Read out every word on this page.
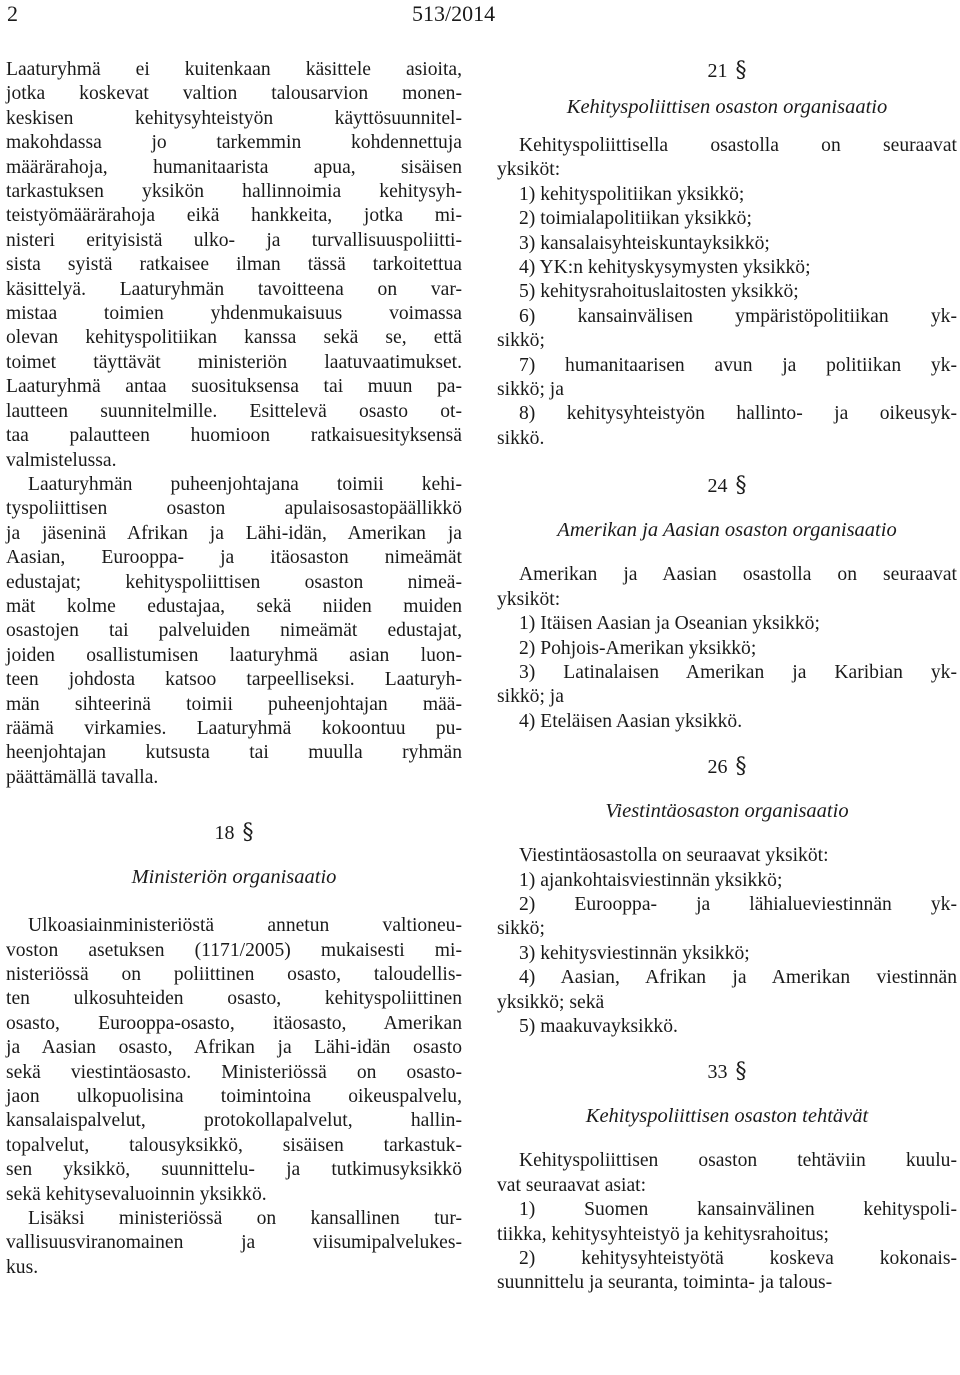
2	513/2014
Laaturyhmä ei kuitenkaan käsittele asioita,
jotka koskevat valtion talousarvion monen-
keskisen kehitysyhteistyön käyttösuunnitel-
makohdassa jo tarkemmin kohdennettuja
määrärahoja, humanitaarista apua, sisäisen
tarkastuksen yksikön hallinnoimia kehitysyh-
teistyömäärärahoja eikä hankkeita, jotka mi-
nisteri erityisistä ulko- ja turvallisuuspoliitti-
sista syistä ratkaisee ilman tässä tarkoitettua
käsittelyä. Laaturyhmän tavoitteena on var-
mistaa toimien yhdenmukaisuus voimassa
olevan kehityspolitiikan kanssa sekä se, että
toimet täyttävät ministeriön laatuvaatimukset.
Laaturyhmä antaa suosituksensa tai muun pa-
lautteen suunnitelmille. Esittelevä osasto ot-
taa palautteen huomioon ratkaisuesityksensä
valmistelussa.
Laaturyhmän puheenjohtajana toimii kehi-
tyspoliittisen osaston apulaisosastopäällikkö
ja jäseninä Afrikan ja Lähi-idän, Amerikan ja
Aasian, Eurooppa- ja itäosaston nimeämät
edustajat; kehityspoliittisen osaston nimeä-
mät kolme edustajaa, sekä niiden muiden
osastojen tai palveluiden nimeämät edustajat,
joiden osallistumisen laaturyhmä asian luon-
teen johdosta katsoo tarpeelliseksi. Laaturyh-
män sihteerinä toimii puheenjohtajan mää-
räämä virkamies. Laaturyhmä kokoontuu pu-
heenjohtajan kutsusta tai muulla ryhmän
päättämällä tavalla.
18 §
Ministeriön organisaatio
Ulkoasiainministeriöstä annetun valtioneu-
voston asetuksen (1171/2005) mukaisesti mi-
nisteriössä on poliittinen osasto, taloudellis-
ten ulkosuhteiden osasto, kehityspoliittinen
osasto, Eurooppa-osasto, itäosasto, Amerikan
ja Aasian osasto, Afrikan ja Lähi-idän osasto
sekä viestintäosasto. Ministeriössä on osasto-
jaon ulkopuolisina toimintoina oikeuspalvelu,
kansalaispalvelut, protokollapalvelut, hallin-
topalvelut, talousyksikkö, sisäisen tarkastuk-
sen yksikkö, suunnittelu- ja tutkimusyksikkö
sekä kehitysevaluoinnin yksikkö.
Lisäksi ministeriössä on kansallinen tur-
vallisuusviranomainen ja viisumipalvelukes-
kus.
21 §
Kehityspoliittisen osaston organisaatio
Kehityspoliittisella osastolla on seuraavat
yksiköt:
1) kehityspolitiikan yksikkö;
2) toimialapolitiikan yksikkö;
3) kansalaisyhteiskuntayksikkö;
4) YK:n kehityskysymysten yksikkö;
5) kehitysrahoituslaitosten yksikkö;
6) kansainvälisen ympäristöpolitiikan yk-
sikkö;
7) humanitaarisen avun ja politiikan yk-
sikkö; ja
8) kehitysyhteistyön hallinto- ja oikeusyk-
sikkö.
24 §
Amerikan ja Aasian osaston organisaatio
Amerikan ja Aasian osastolla on seuraavat
yksiköt:
1) Itäisen Aasian ja Oseanian yksikkö;
2) Pohjois-Amerikan yksikkö;
3) Latinalaisen Amerikan ja Karibian yk-
sikkö; ja
4) Eteläisen Aasian yksikkö.
26 §
Viestintäosaston organisaatio
Viestintäosastolla on seuraavat yksiköt:
1) ajankohtaisviestinnän yksikkö;
2) Eurooppa- ja lähialueviestinnän yk-
sikkö;
3) kehitysviestinnän yksikkö;
4) Aasian, Afrikan ja Amerikan viestinnän
yksikkö; sekä
5) maakuvayksikkö.
33 §
Kehityspoliittisen osaston tehtävät
Kehityspoliittisen osaston tehtäviin kuulu-
vat seuraavat asiat:
1) Suomen kansainvälinen kehityspoli-
tiikka, kehitysyhteistyö ja kehitysrahoitus;
2) kehitysyhteistyötä koskeva kokonais-
suunnittelu ja seuranta, toiminta- ja talous-
